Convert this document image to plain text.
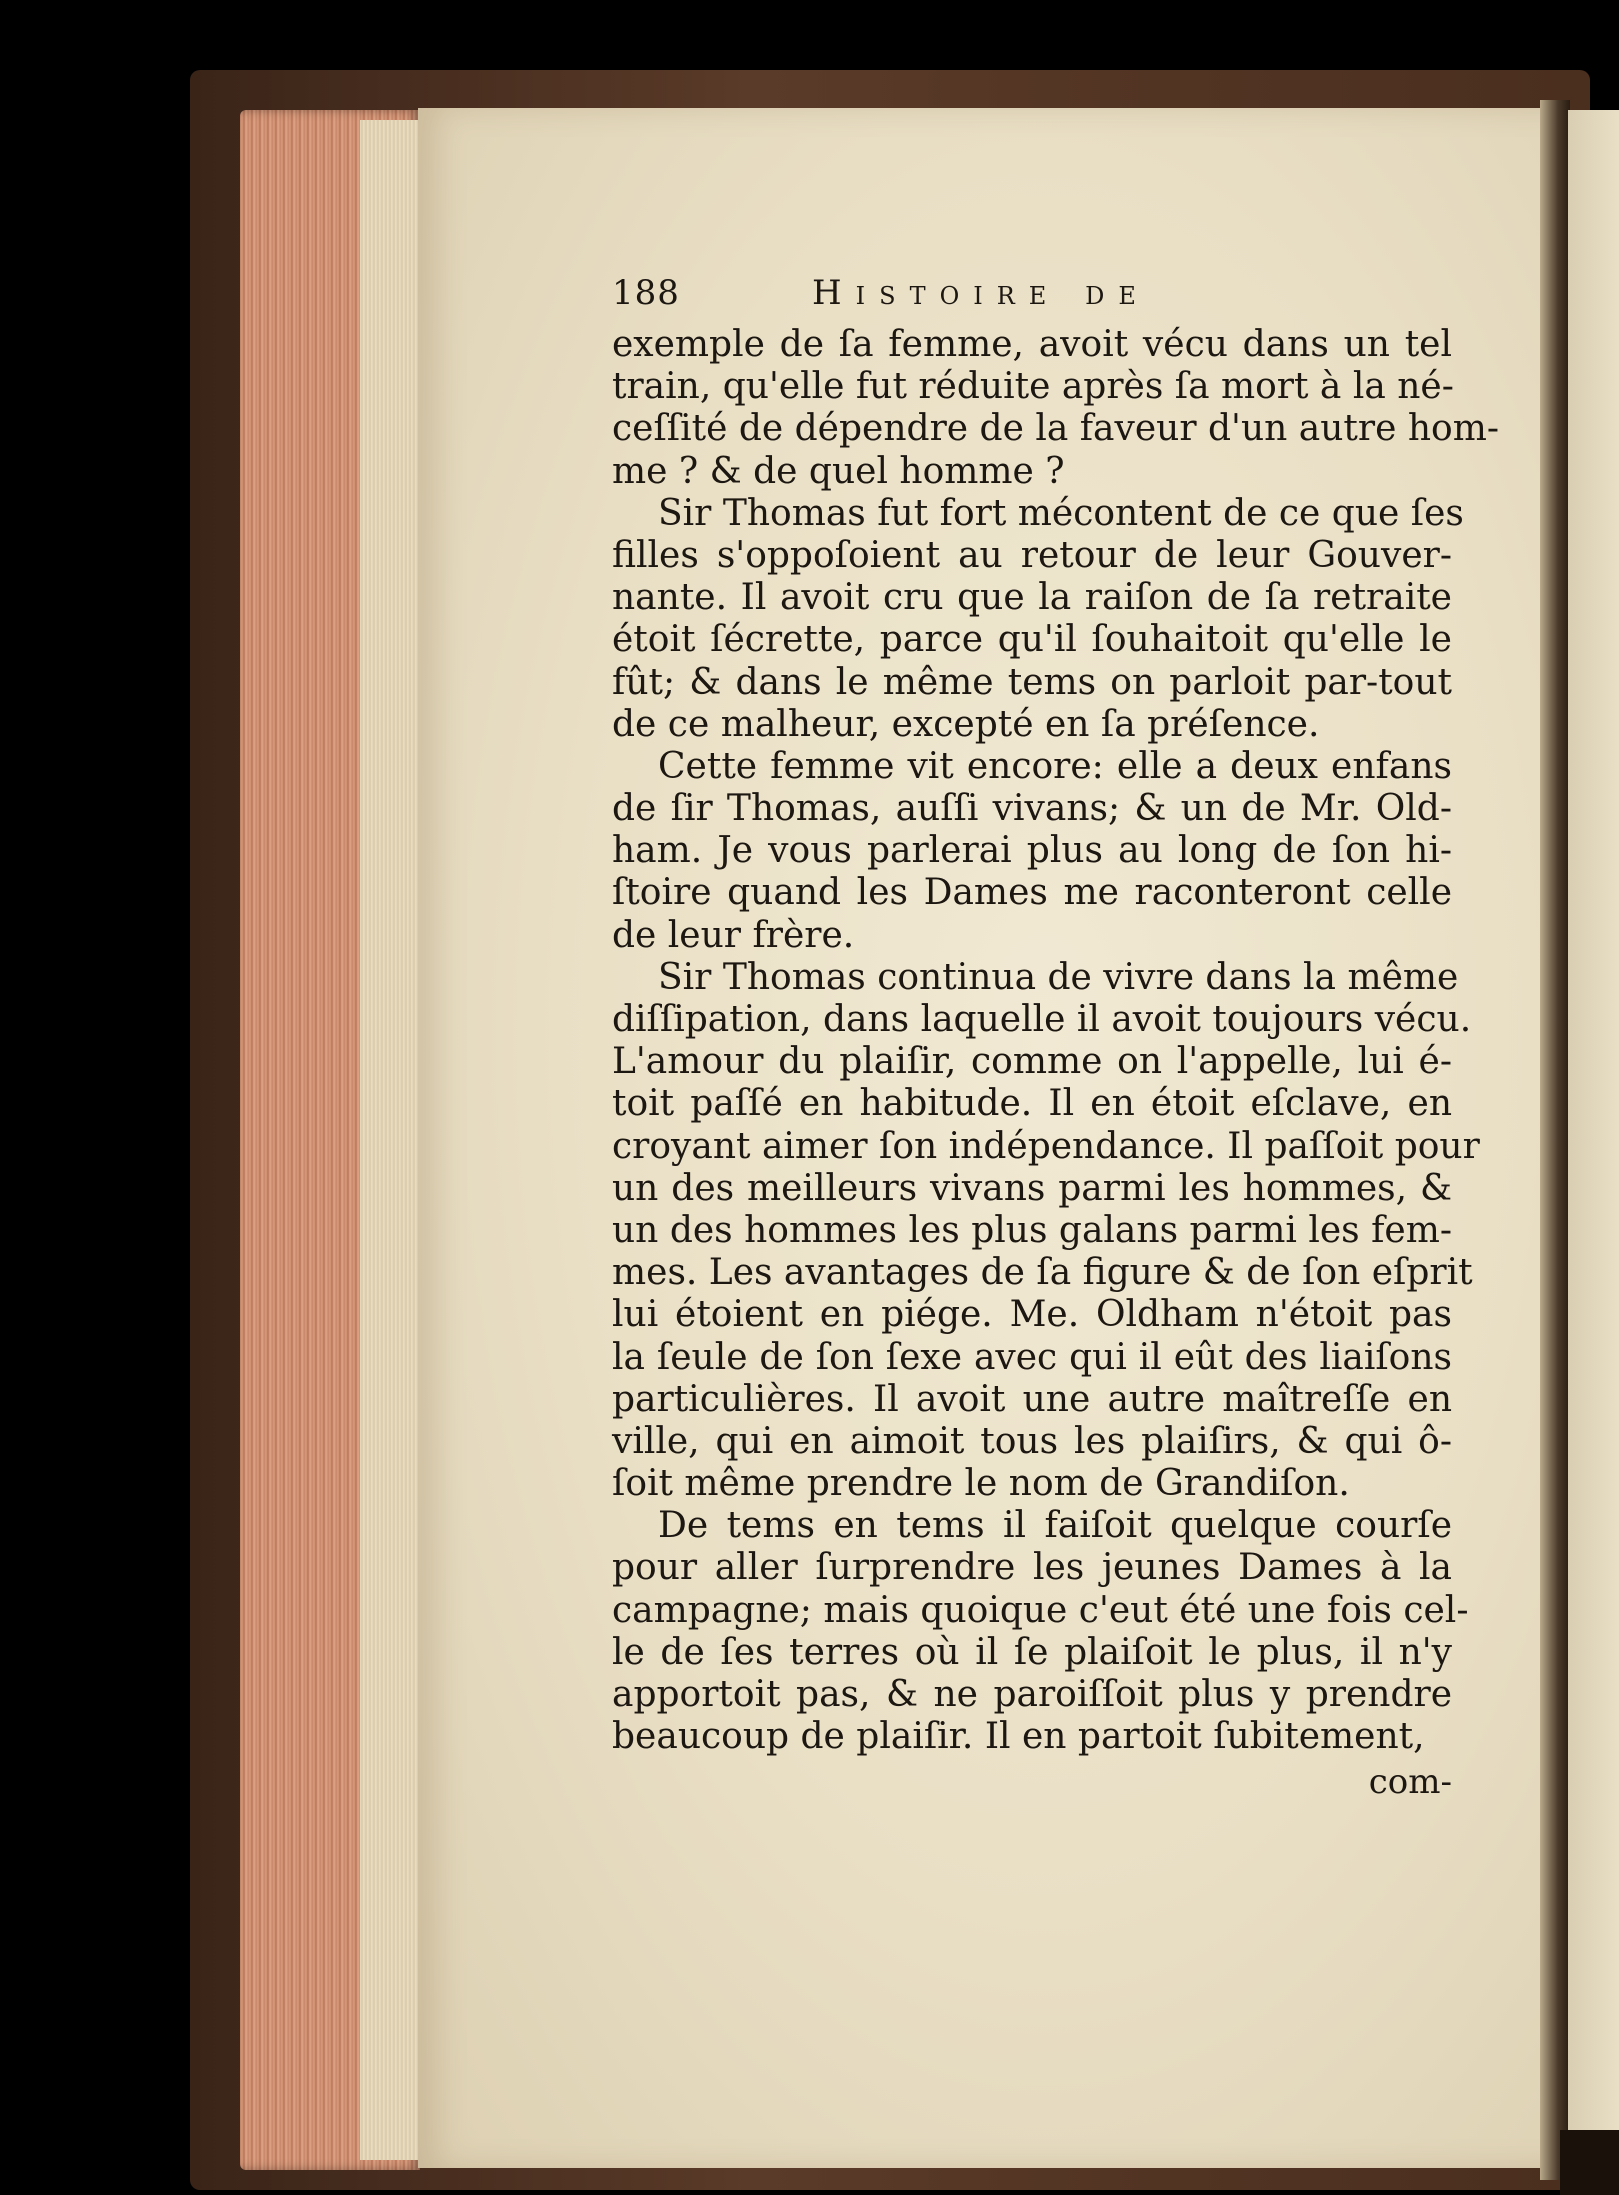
188	Histoire de
exemple de ſa femme, avoit vécu dans un tel
train, qu'elle fut réduite après ſa mort à la né-
ceſſité de dépendre de la faveur d'un autre hom-
me ? & de quel homme ?
Sir Thomas fut fort mécontent de ce que ſes
filles s'oppoſoient au retour de leur Gouver-
nante. Il avoit cru que la raiſon de ſa retraite
étoit ſécrette, parce qu'il ſouhaitoit qu'elle le
fût; & dans le même tems on parloit par-tout
de ce malheur, excepté en ſa préſence.
Cette femme vit encore: elle a deux enfans
de ſir Thomas, auſſi vivans; & un de Mr. Old-
ham. Je vous parlerai plus au long de ſon hi-
ſtoire quand les Dames me raconteront celle
de leur frère.
Sir Thomas continua de vivre dans la même
diſſipation, dans laquelle il avoit toujours vécu.
L'amour du plaiſir, comme on l'appelle, lui é-
toit paſſé en habitude. Il en étoit eſclave, en
croyant aimer ſon indépendance. Il paſſoit pour
un des meilleurs vivans parmi les hommes, &
un des hommes les plus galans parmi les fem-
mes. Les avantages de ſa figure & de ſon eſprit
lui étoient en piége. Me. Oldham n'étoit pas
la ſeule de ſon ſexe avec qui il eût des liaiſons
particulières. Il avoit une autre maîtreſſe en
ville, qui en aimoit tous les plaiſirs, & qui ô-
ſoit même prendre le nom de Grandiſon.
De tems en tems il faiſoit quelque courſe
pour aller ſurprendre les jeunes Dames à la
campagne; mais quoique c'eut été une fois cel-
le de ſes terres où il ſe plaiſoit le plus, il n'y
apportoit pas, & ne paroiſſoit plus y prendre
beaucoup de plaiſir. Il en partoit ſubitement,
com-
